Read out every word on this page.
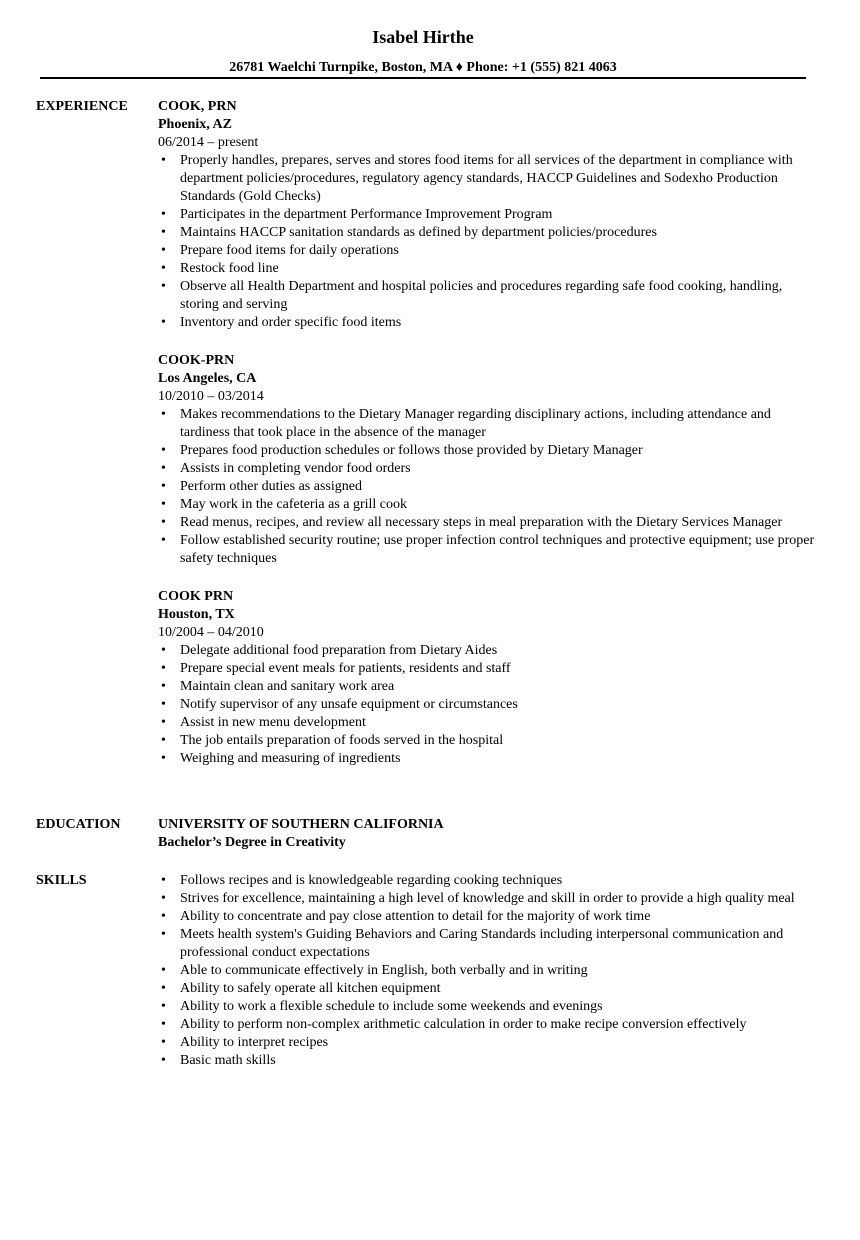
Isabel Hirthe
26781 Waelchi Turnpike, Boston, MA ♦ Phone: +1 (555) 821 4063
EXPERIENCE COOK, PRN
Phoenix, AZ
06/2014 – present
• Properly handles, prepares, serves and stores food items for all services of the department in compliance with department policies/procedures, regulatory agency standards, HACCP Guidelines and Sodexho Production Standards (Gold Checks)
• Participates in the department Performance Improvement Program
• Maintains HACCP sanitation standards as defined by department policies/procedures
• Prepare food items for daily operations
• Restock food line
• Observe all Health Department and hospital policies and procedures regarding safe food cooking, handling, storing and serving
• Inventory and order specific food items
COOK-PRN
Los Angeles, CA
10/2010 – 03/2014
• Makes recommendations to the Dietary Manager regarding disciplinary actions, including attendance and tardiness that took place in the absence of the manager
• Prepares food production schedules or follows those provided by Dietary Manager
• Assists in completing vendor food orders
• Perform other duties as assigned
• May work in the cafeteria as a grill cook
• Read menus, recipes, and review all necessary steps in meal preparation with the Dietary Services Manager
• Follow established security routine; use proper infection control techniques and protective equipment; use proper safety techniques
COOK PRN
Houston, TX
10/2004 – 04/2010
• Delegate additional food preparation from Dietary Aides
• Prepare special event meals for patients, residents and staff
• Maintain clean and sanitary work area
• Notify supervisor of any unsafe equipment or circumstances
• Assist in new menu development
• The job entails preparation of foods served in the hospital
• Weighing and measuring of ingredients
EDUCATION	UNIVERSITY OF SOUTHERN CALIFORNIA
Bachelor’s Degree in Creativity
SKILLS
•	Follows recipes and is knowledgeable regarding cooking techniques
• Strives for excellence, maintaining a high level of knowledge and skill in order to provide a high quality meal
• Ability to concentrate and pay close attention to detail for the majority of work time
• Meets health system's Guiding Behaviors and Caring Standards including interpersonal communication and professional conduct expectations
• Able to communicate effectively in English, both verbally and in writing
• Ability to safely operate all kitchen equipment
• Ability to work a flexible schedule to include some weekends and evenings
• Ability to perform non-complex arithmetic calculation in order to make recipe conversion effectively
• Ability to interpret recipes
• Basic math skills
